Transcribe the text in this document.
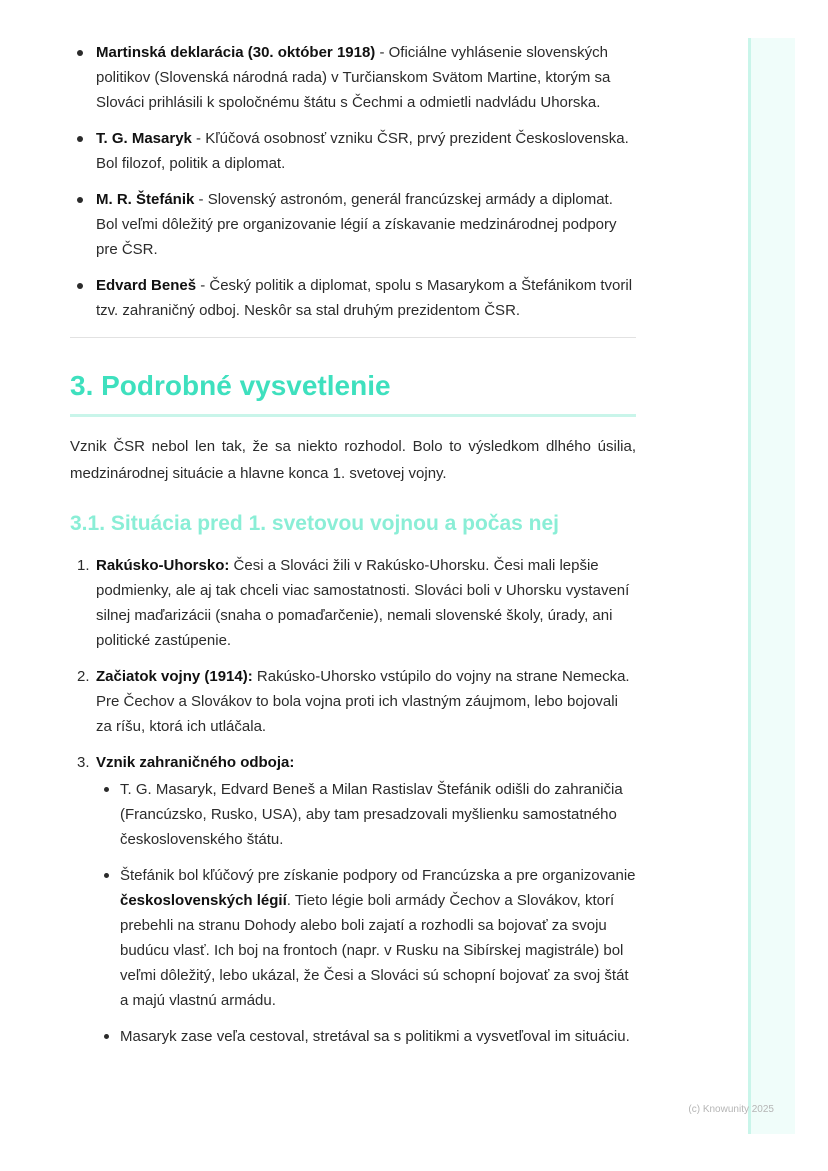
Martinská deklarácia (30. október 1918) - Oficiálne vyhlásenie slovenských politikov (Slovenská národná rada) v Turčianskom Svätom Martine, ktorým sa Slováci prihlásili k spoločnému štátu s Čechmi a odmietli nadvládu Uhorska.
T. G. Masaryk - Kľúčová osobnosť vzniku ČSR, prvý prezident Československa. Bol filozof, politik a diplomat.
M. R. Štefánik - Slovenský astronóm, generál francúzskej armády a diplomat. Bol veľmi dôležitý pre organizovanie légií a získavanie medzinárodnej podpory pre ČSR.
Edvard Beneš - Český politik a diplomat, spolu s Masarykom a Štefánikom tvoril tzv. zahraničný odboj. Neskôr sa stal druhým prezidentom ČSR.
3. Podrobné vysvetlenie

Vznik ČSR nebol len tak, že sa niekto rozhodol. Bolo to výsledkom dlhého úsilia, medzinárodnej situácie a hlavne konca 1. svetovej vojny.

3.1. Situácia pred 1. svetovou vojnou a počas nej
1. Rakúsko-Uhorsko: Česi a Slováci žili v Rakúsko-Uhorsku. Česi mali lepšie podmienky, ale aj tak chceli viac samostatnosti. Slováci boli v Uhorsku vystavení silnej maďarizácii (snaha o pomaďarčenie), nemali slovenské školy, úrady, ani politické zastúpenie.
2. Začiatok vojny (1914): Rakúsko-Uhorsko vstúpilo do vojny na strane Nemecka. Pre Čechov a Slovákov to bola vojna proti ich vlastným záujmom, lebo bojovali za ríšu, ktorá ich utláčala.
3. Vznik zahraničného odboja:
T. G. Masaryk, Edvard Beneš a Milan Rastislav Štefánik odišli do zahraničia (Francúzsko, Rusko, USA), aby tam presadzovali myšlienku samostatného československého štátu.
Štefánik bol kľúčový pre získanie podpory od Francúzska a pre organizovanie československých légií. Tieto légie boli armády Čechov a Slovákov, ktorí prebehli na stranu Dohody alebo boli zajatí a rozhodli sa bojovať za svoju budúcu vlasť. Ich boj na frontoch (napr. v Rusku na Sibírskej magistrále) bol veľmi dôležitý, lebo ukázal, že Česi a Slováci sú schopní bojovať za svoj štát a majú vlastnú armádu.
Masaryk zase veľa cestoval, stretával sa s politikmi a vysvetľoval im situáciu.
(c) Knowunity 2025
